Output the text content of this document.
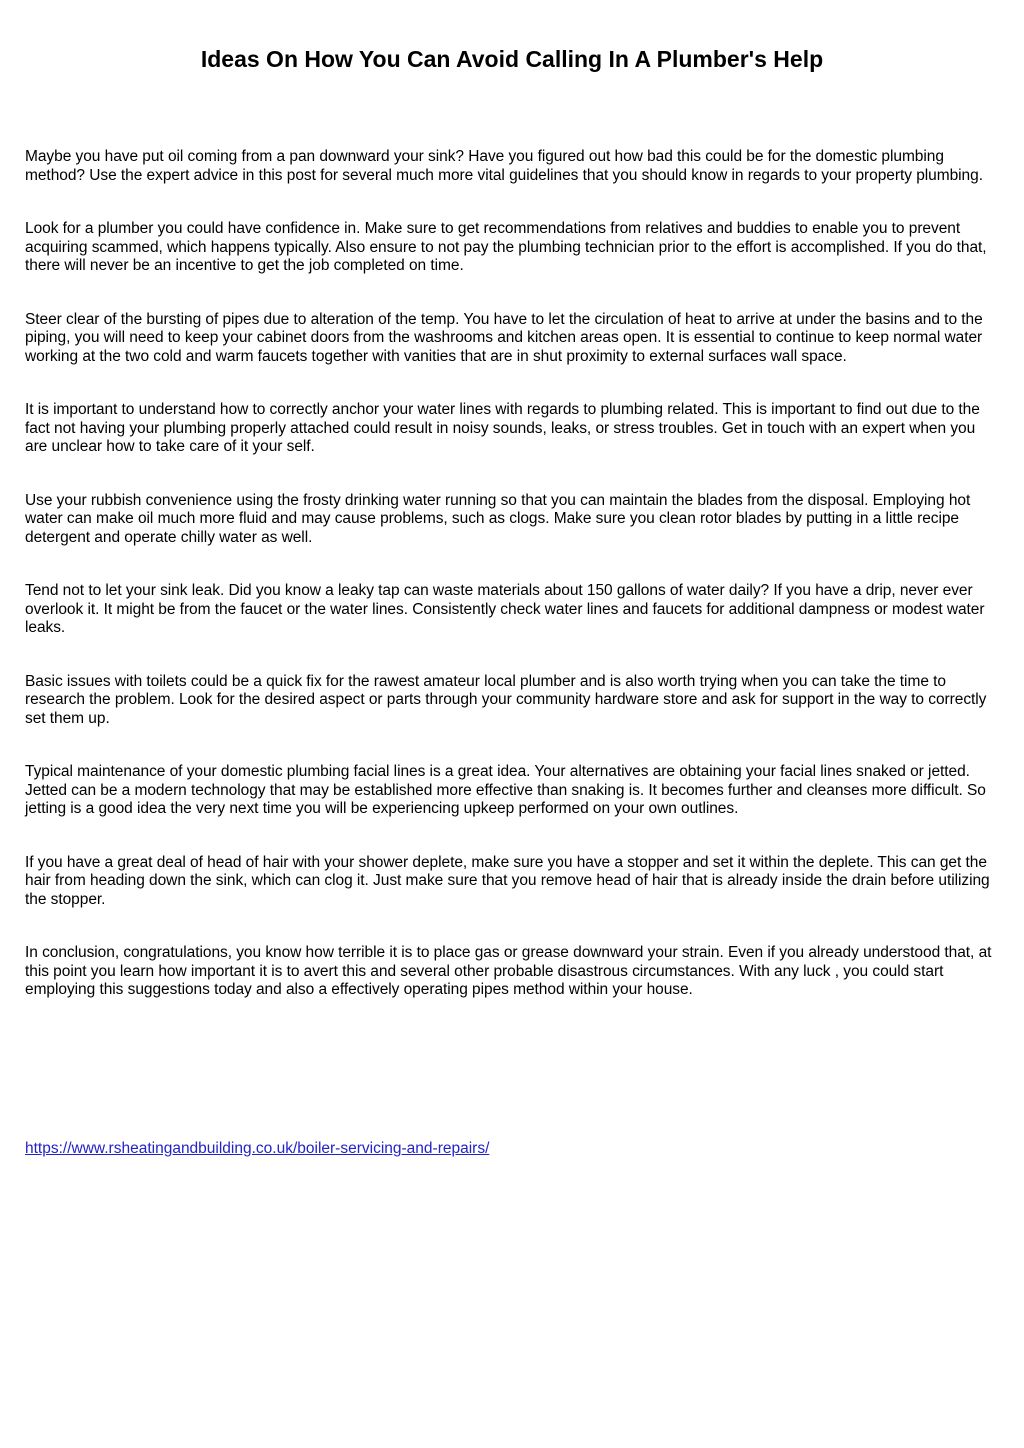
Ideas On How You Can Avoid Calling In A Plumber's Help

Maybe you have put oil coming from a pan downward your sink? Have you figured out how bad this could be for the domestic plumbing method? Use the expert advice in this post for several much more vital guidelines that you should know in regards to your property plumbing.

Look for a plumber you could have confidence in. Make sure to get recommendations from relatives and buddies to enable you to prevent acquiring scammed, which happens typically. Also ensure to not pay the plumbing technician prior to the effort is accomplished. If you do that, there will never be an incentive to get the job completed on time.

Steer clear of the bursting of pipes due to alteration of the temp. You have to let the circulation of heat to arrive at under the basins and to the piping, you will need to keep your cabinet doors from the washrooms and kitchen areas open. It is essential to continue to keep normal water working at the two cold and warm faucets together with vanities that are in shut proximity to external surfaces wall space.

It is important to understand how to correctly anchor your water lines with regards to plumbing related. This is important to find out due to the fact not having your plumbing properly attached could result in noisy sounds, leaks, or stress troubles. Get in touch with an expert when you are unclear how to take care of it your self.

Use your rubbish convenience using the frosty drinking water running so that you can maintain the blades from the disposal. Employing hot water can make oil much more fluid and may cause problems, such as clogs. Make sure you clean rotor blades by putting in a little recipe detergent and operate chilly water as well.

Tend not to let your sink leak. Did you know a leaky tap can waste materials about 150 gallons of water daily? If you have a drip, never ever overlook it. It might be from the faucet or the water lines. Consistently check water lines and faucets for additional dampness or modest water leaks.

Basic issues with toilets could be a quick fix for the rawest amateur local plumber and is also worth trying when you can take the time to research the problem. Look for the desired aspect or parts through your community hardware store and ask for support in the way to correctly set them up.

Typical maintenance of your domestic plumbing facial lines is a great idea. Your alternatives are obtaining your facial lines snaked or jetted. Jetted can be a modern technology that may be established more effective than snaking is. It becomes further and cleanses more difficult. So jetting is a good idea the very next time you will be experiencing upkeep performed on your own outlines.

If you have a great deal of head of hair with your shower deplete, make sure you have a stopper and set it within the deplete. This can get the hair from heading down the sink, which can clog it. Just make sure that you remove head of hair that is already inside the drain before utilizing the stopper.

In conclusion, congratulations, you know how terrible it is to place gas or grease downward your strain. Even if you already understood that, at this point you learn how important it is to avert this and several other probable disastrous circumstances. With any luck , you could start employing this suggestions today and also a effectively operating pipes method within your house.

https://www.rsheatingandbuilding.co.uk/boiler-servicing-and-repairs/
